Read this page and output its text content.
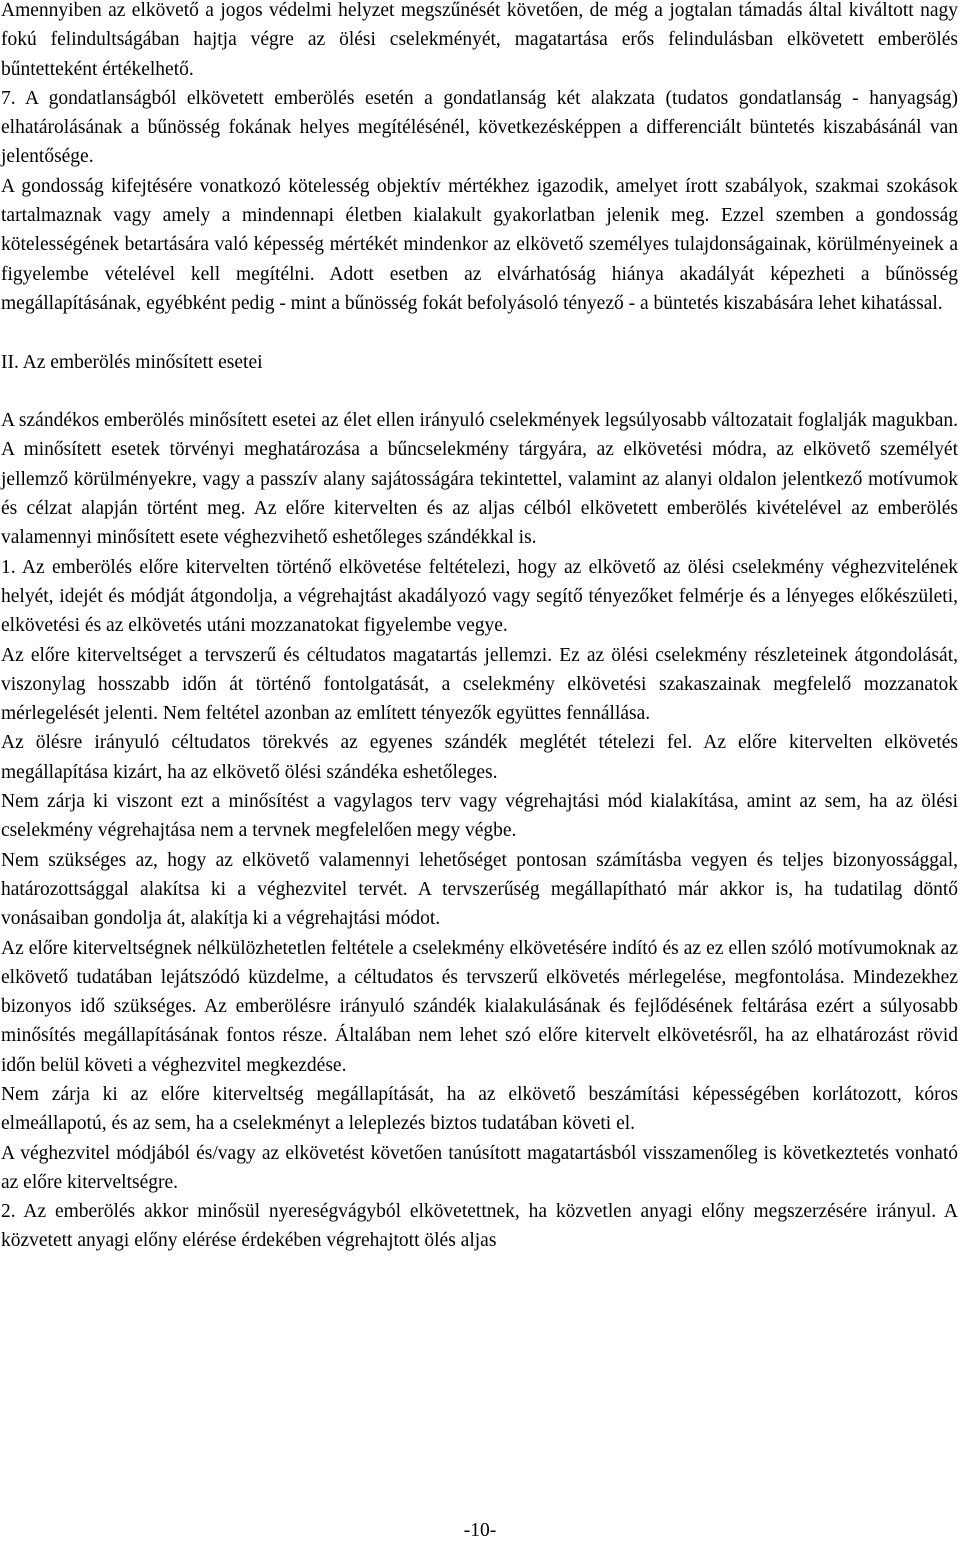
Amennyiben az elkövető a jogos védelmi helyzet megszűnését követően, de még a jogtalan támadás által kiváltott nagy fokú felindultságában hajtja végre az ölési cselekményét, magatartása erős felindulásban elkövetett emberölés bűntetteként értékelhető.

7. A gondatlanságból elkövetett emberölés esetén a gondatlanság két alakzata (tudatos gondatlanság - hanyagság) elhatárolásának a bűnösség fokának helyes megítélésénél, következésképpen a differenciált büntetés kiszabásánál van jelentősége.

A gondosság kifejtésére vonatkozó kötelesség objektív mértékhez igazodik, amelyet írott szabályok, szakmai szokások tartalmaznak vagy amely a mindennapi életben kialakult gyakorlatban jelenik meg. Ezzel szemben a gondosság kötelességének betartására való képesség mértékét mindenkor az elkövető személyes tulajdonságainak, körülményeinek a figyelembe vételével kell megítélni. Adott esetben az elvárhatóság hiánya akadályát képezheti a bűnösség megállapításának, egyébként pedig - mint a bűnösség fokát befolyásoló tényező - a büntetés kiszabására lehet kihatással.

II. Az emberölés minősített esetei

A szándékos emberölés minősített esetei az élet ellen irányuló cselekmények legsúlyosabb változatait foglalják magukban. A minősített esetek törvényi meghatározása a bűncselekmény tárgyára, az elkövetési módra, az elkövető személyét jellemző körülményekre, vagy a passzív alany sajátosságára tekintettel, valamint az alanyi oldalon jelentkező motívumok és célzat alapján történt meg. Az előre kitervelten és az aljas célból elkövetett emberölés kivételével az emberölés valamennyi minősített esete véghezvihető eshetőleges szándékkal is.

1. Az emberölés előre kitervelten történő elkövetése feltételezi, hogy az elkövető az ölési cselekmény véghezvitelének helyét, idejét és módját átgondolja, a végrehajtást akadályozó vagy segítő tényezőket felmérje és a lényeges előkészületi, elkövetési és az elkövetés utáni mozzanatokat figyelembe vegye.

Az előre kiterveltséget a tervszerű és céltudatos magatartás jellemzi. Ez az ölési cselekmény részleteinek átgondolását, viszonylag hosszabb időn át történő fontolgatását, a cselekmény elkövetési szakaszainak megfelelő mozzanatok mérlegelését jelenti. Nem feltétel azonban az említett tényezők együttes fennállása.

Az ölésre irányuló céltudatos törekvés az egyenes szándék meglétét tételezi fel. Az előre kitervelten elkövetés megállapítása kizárt, ha az elkövető ölési szándéka eshetőleges.

Nem zárja ki viszont ezt a minősítést a vagylagos terv vagy végrehajtási mód kialakítása, amint az sem, ha az ölési cselekmény végrehajtása nem a tervnek megfelelően megy végbe.

Nem szükséges az, hogy az elkövető valamennyi lehetőséget pontosan számításba vegyen és teljes bizonyossággal, határozottsággal alakítsa ki a véghezvitel tervét. A tervszerűség megállapítható már akkor is, ha tudatilag döntő vonásaiban gondolja át, alakítja ki a végrehajtási módot.

Az előre kiterveltségnek nélkülözhetetlen feltétele a cselekmény elkövetésére indító és az ez ellen szóló motívumoknak az elkövető tudatában lejátszódó küzdelme, a céltudatos és tervszerű elkövetés mérlegelése, megfontolása. Mindezekhez bizonyos idő szükséges. Az emberölésre irányuló szándék kialakulásának és fejlődésének feltárása ezért a súlyosabb minősítés megállapításának fontos része. Általában nem lehet szó előre kitervelt elkövetésről, ha az elhatározást rövid időn belül követi a véghezvitel megkezdése.

Nem zárja ki az előre kiterveltség megállapítását, ha az elkövető beszámítási képességében korlátozott, kóros elmeállapotú, és az sem, ha a cselekményt a leleplezés biztos tudatában követi el.

A véghezvitel módjából és/vagy az elkövetést követően tanúsított magatartásból visszamenőleg is következtetés vonható az előre kiterveltségre.

2. Az emberölés akkor minősül nyereségvágyból elkövetettnek, ha közvetlen anyagi előny megszerzésére irányul. A közvetett anyagi előny elérése érdekében végrehajtott ölés aljas

-10-
